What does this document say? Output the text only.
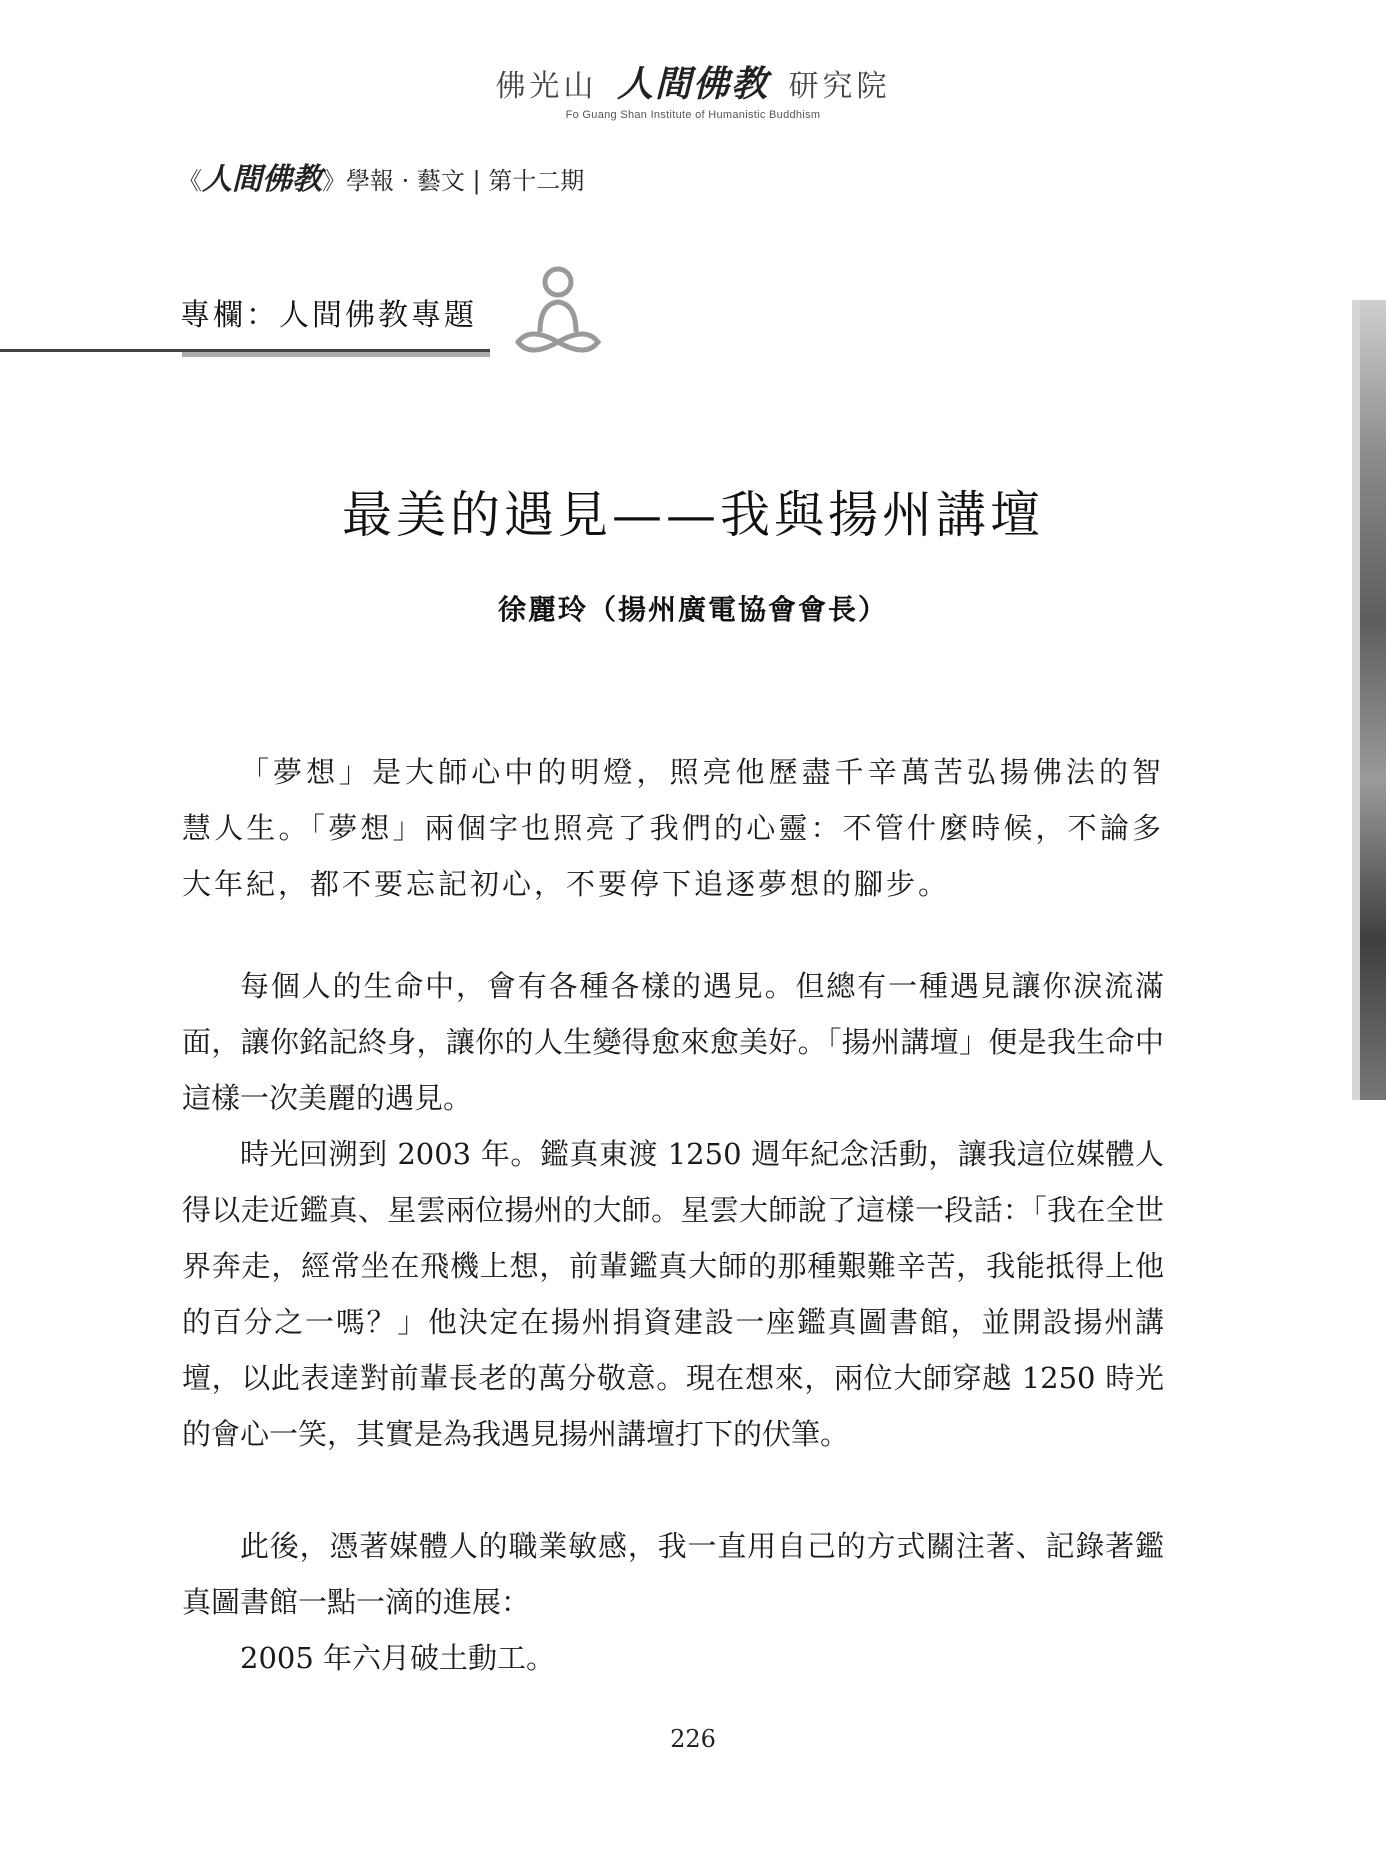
佛光山 人間佛教 研究院
Fo Guang Shan Institute of Humanistic Buddhism
《人間佛教》學報 · 藝文 | 第十二期
專欄：人間佛教專題
最美的遇見——我與揚州講壇
徐麗玲（揚州廣電協會會長）

「夢想」是大師心中的明燈，照亮他歷盡千辛萬苦弘揚佛法的智慧人生。「夢想」兩個字也照亮了我們的心靈：不管什麼時候，不論多大年紀，都不要忘記初心，不要停下追逐夢想的腳步。

每個人的生命中，會有各種各樣的遇見。但總有一種遇見讓你淚流滿面，讓你銘記終身，讓你的人生變得愈來愈美好。「揚州講壇」便是我生命中這樣一次美麗的遇見。

時光回溯到 2003 年。鑑真東渡 1250 週年紀念活動，讓我這位媒體人得以走近鑑真、星雲兩位揚州的大師。星雲大師說了這樣一段話：「我在全世界奔走，經常坐在飛機上想，前輩鑑真大師的那種艱難辛苦，我能抵得上他的百分之一嗎？」他決定在揚州捐資建設一座鑑真圖書館，並開設揚州講壇，以此表達對前輩長老的萬分敬意。現在想來，兩位大師穿越 1250 時光的會心一笑，其實是為我遇見揚州講壇打下的伏筆。

此後，憑著媒體人的職業敏感，我一直用自己的方式關注著、記錄著鑑真圖書館一點一滴的進展：

2005 年六月破土動工。

226
